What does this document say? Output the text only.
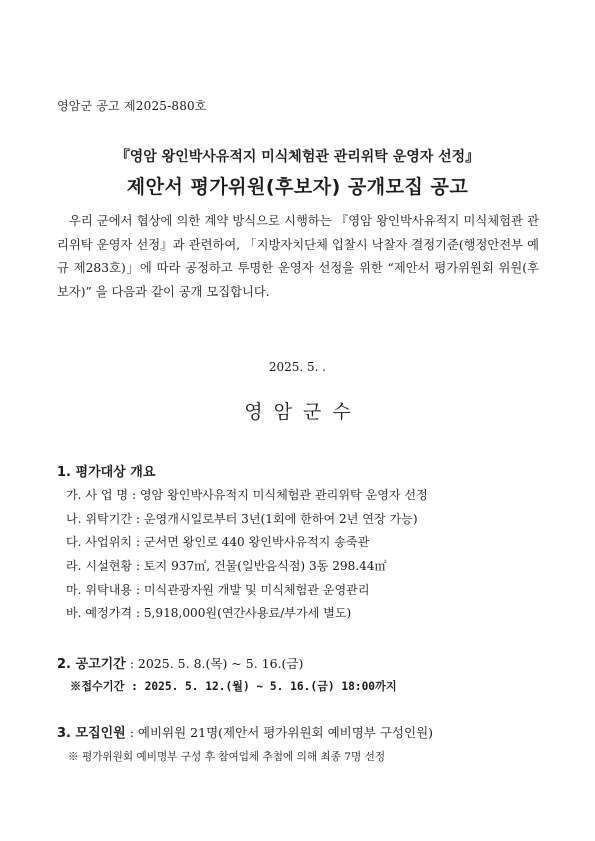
영암군 공고 제2025-880호
『영암 왕인박사유적지 미식체험관 관리위탁 운영자 선정』
제안서 평가위원(후보자) 공개모집 공고
우리 군에서 협상에 의한 계약 방식으로 시행하는 『영암 왕인박사유적지 미식체험관 관리위탁 운영자 선정』과 관련하여, 「지방자치단체 입찰시 낙찰자 결정기준(행정안전부 예규 제283호)」에 따라 공정하고 투명한 운영자 선정을 위한 “제안서 평가위원회 위원(후보자)” 을 다음과 같이 공개 모집합니다.
2025. 5. .
영암군수
1. 평가대상 개요
가. 사 업 명 : 영암 왕인박사유적지 미식체험관 관리위탁 운영자 선정
나. 위탁기간 : 운영개시일로부터 3년(1회에 한하여 2년 연장 가능)
다. 사업위치 : 군서면 왕인로 440 왕인박사유적지 송죽관
라. 시설현황 : 토지 937㎡, 건물(일반음식점) 3동 298.44㎡
마. 위탁내용 : 미식관광자원 개발 및 미식체험관 운영관리
바. 예정가격 : 5,918,000원(연간사용료/부가세 별도)
2. 공고기간 : 2025. 5. 8.(목) ~ 5. 16.(금)
※접수기간 : 2025. 5. 12.(월) ~ 5. 16.(금) 18:00까지
3. 모집인원 : 예비위원 21명(제안서 평가위원회 예비명부 구성인원)
※ 평가위원회 예비명부 구성 후 참여업체 추첨에 의해 최종 7명 선정
